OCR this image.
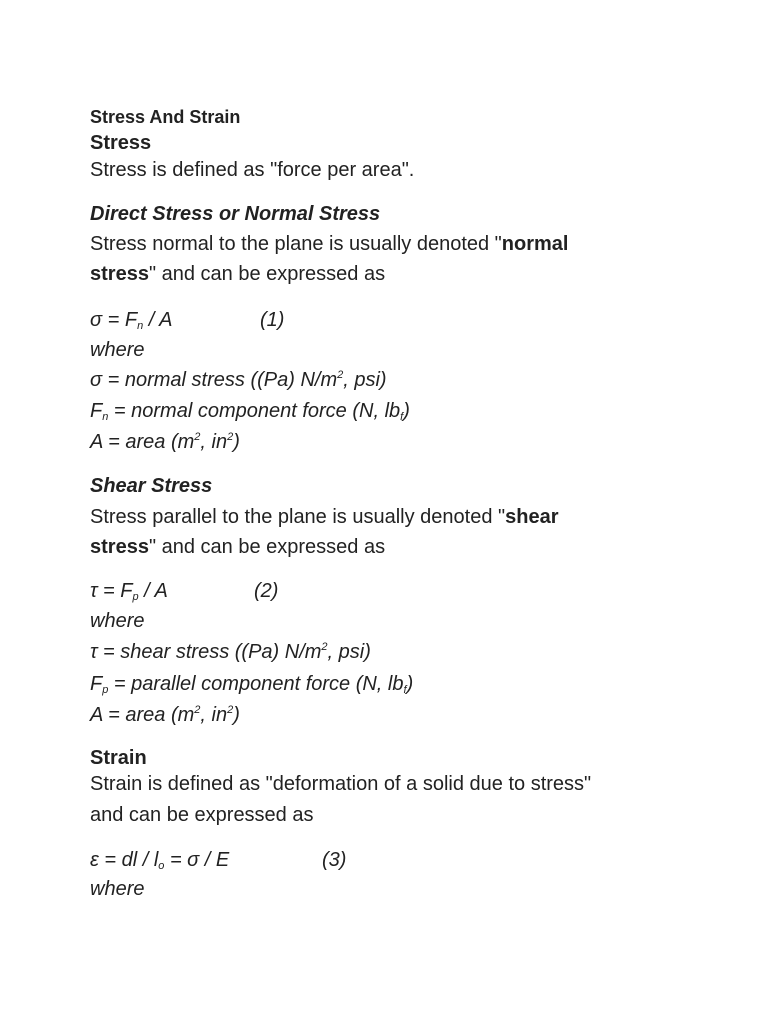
Stress And Strain
Stress
Stress is defined as "force per area".
Direct Stress or Normal Stress
Stress normal to the plane is usually denoted "normal
stress" and can be expressed as
$\sigma = F_n / A$	(1)
where
σ = normal stress ((Pa) $N/m^2$, psi)
$F_n$ = normal component force (N, $lb_f$)
A = area ($m^2$, $in^2$)
Shear Stress
Stress parallel to the plane is usually denoted "shear
stress" and can be expressed as
$\tau = F_p / A$	(2)
where
τ = shear stress ((Pa) $N/m^2$, psi)
$F_p$ = parallel component force (N, $lb_f$)
A = area ($m^2$, $in^2$)
Strain
Strain is defined as "deformation of a solid due to stress"
and can be expressed as
ε = dl / $l_o = \sigma / E$	(3)
where
